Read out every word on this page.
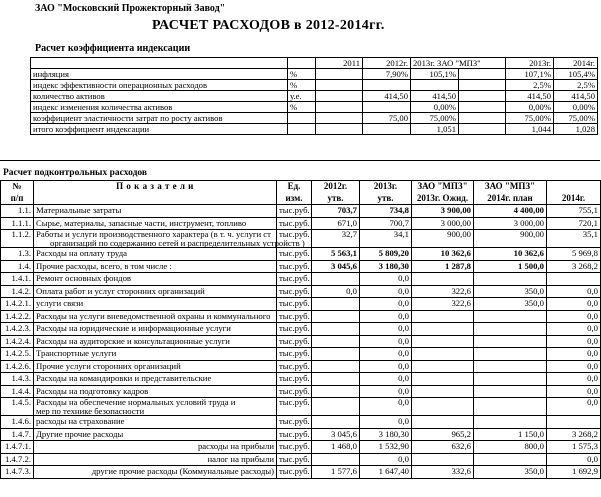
ЗАО "Московский Прожекторный Завод"
РАСЧЕТ РАСХОДОВ в 2012-2014гг.
Расчет коэффициента индексации
		2011	2012г.	2013г. ЗАО "МПЗ"		2013г.	2014г.
инфляция	%		7,90%	105,1%		107,1%	105,4%
индекс эффективности операционных расходов	%					2,5%	2,5%
количество активов	у.е.		414,50	414,50		414,50	414,50
индекс изменения количества активов	%			0,00%		0,00%	0,00%
коэффициент эластичности затрат по росту активов			75,00	75,00%		75,00%	75,00%
итого коэффициент индексации				1,051		1,044	1,028
Расчет подконтрольных расходов
№	П о к а з а т е л и	Ед.	2012г.	2013г.	ЗАО "МПЗ"	ЗАО "МПЗ"	
п/п		изм.	утв.	утв.	2013г. Ожид.	2014г. план	2014г.
1.1.	Материальные затраты	тыс.руб.	703,7	734,8	3 900,00	4 400,00	755,1
1.1.1.	Сырье, материалы, запасные части, инструмент, топливо	тыс.руб.	671,0	700,7	3 000,00	3 000,00	720,1
1.1.2.	Работы и услуги производственного характера (в т. ч. услуги ст
организаций по содержанию сетей и распределительных устройств )	тыс.руб.	32,7	34,1	900,00	900,00	35,1
1.3.	Расходы на оплату труда	тыс.руб.	5 563,1	5 809,20	10 362,6	10 362,6	5 969,8
1.4.	Прочие расходы, всего, в том числе :	тыс.руб.	3 045,6	3 180,30	1 287,8	1 500,0	3 268,2
1.4.1.	Ремонт основных фондов	тыс.руб.		0,0			
1.4.2.	Оплата работ и услуг сторонних организаций	тыс.руб.	0,0	0,0	322,6	350,0	0,0
1.4.2.1.	услуги связи	тыс.руб.		0,0	322,6	350,0	0,0
1.4.2.2.	Расходы на услуги вневедомственной охраны и коммунального	тыс.руб.		0,0			0,0
1.4.2.3.	Расходы на юридические и информационные услуги	тыс.руб.		0,0			0,0
1.4.2.4.	Расходы на аудиторские и консультационные услуги	тыс.руб.		0,0			0,0
1.4.2.5.	Транспортные услуги	тыс.руб.		0,0			0,0
1.4.2.6.	Прочие услуги сторонних организаций	тыс.руб.		0,0			0,0
1.4.3.	Расходы на командировки и представительские	тыс.руб.		0,0			0,0
1.4.4.	Расходы на подготовку кадров	тыс.руб.		0,0			0,0
1.4.5.	Расходы на обеспечение нормальных условий труда и
мер по технике безопасности	тыс.руб.		0,0			0,0
1.4.6.	расходы на страхование	тыс.руб.		0,0			
1.4.7.	Другие прочие расходы	тыс.руб.	3 045,6	3 180,30	965,2	1 150,0	3 268,2
1.4.7.1.	расходы на прибыли	тыс.руб.	1 468,0	1 532,90	632,6	800,0	1 575,3
1.4.7.2.	налог на прибыли	тыс.руб.		0,0			0,0
1.4.7.3.	другие прочие расходы (Коммунальные расходы)	тыс.руб.	1 577,6	1 647,40	332,6	350,0	1 692,9
